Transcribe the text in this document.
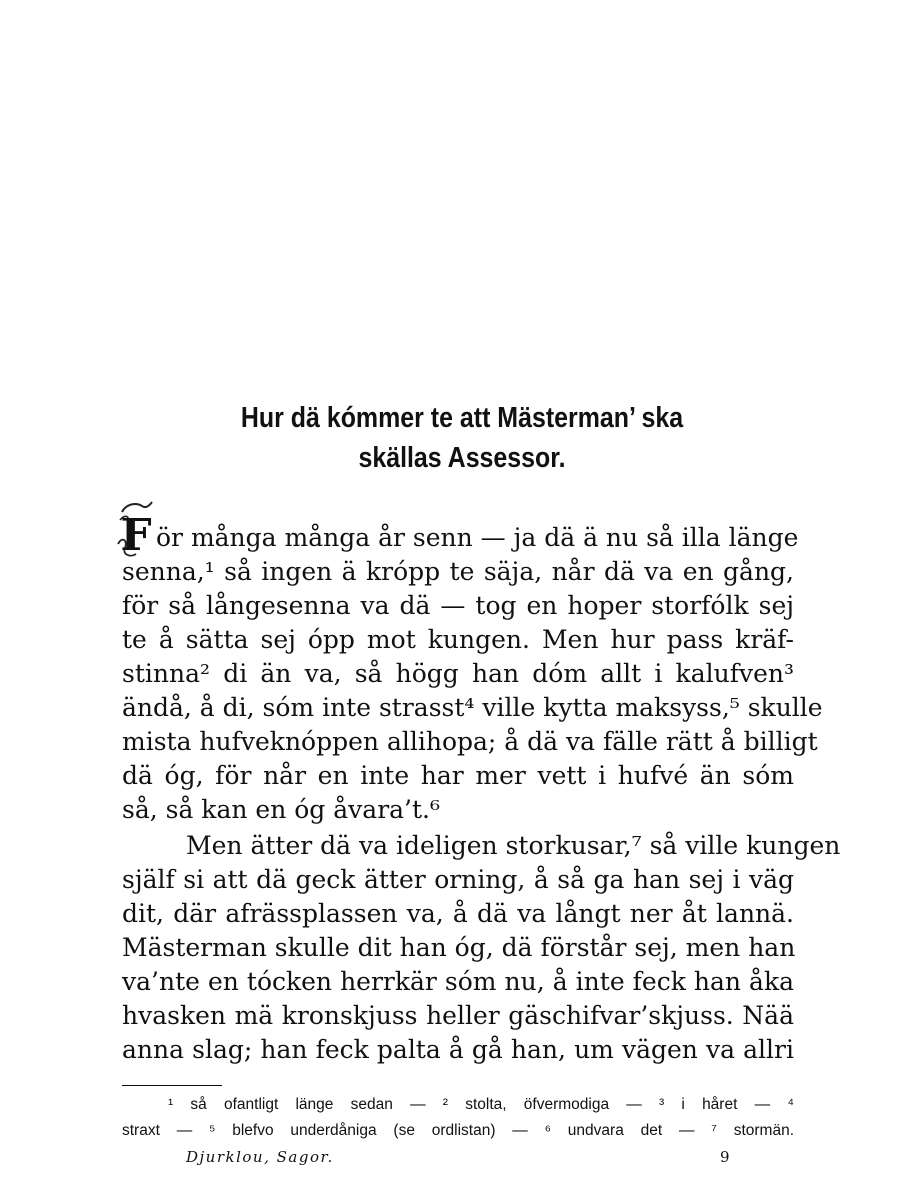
Hur dä kómmer te att Mästerman’ ska
skällas Assessor.
F ör många många år senn — ja dä ä nu så illa länge
senna,¹ så ingen ä krópp te säja, når dä va en gång,
för så långesenna va dä — tog en hoper storfólk sej
te å sätta sej ópp mot kungen. Men hur pass kräf-
stinna² di än va, så högg han dóm allt i kalufven³
ändå, å di, sóm inte strasst⁴ ville kytta maksyss,⁵ skulle
mista hufveknóppen allihopa; å dä va fälle rätt å billigt
dä óg, för når en inte har mer vett i hufvé än sóm
så, så kan en óg åvara’t.⁶
Men ätter dä va ideligen storkusar,⁷ så ville kungen
själf si att dä geck ätter orning, å så ga han sej i väg
dit, där afrässplassen va, å dä va långt ner åt lannä.
Mästerman skulle dit han óg, dä förstår sej, men han
va’nte en tócken herrkär sóm nu, å inte feck han åka
hvasken mä kronskjuss heller gäschifvar’skjuss. Nää
anna slag; han feck palta å gå han, um vägen va allri
¹ så ofantligt länge sedan — ² stolta, öfvermodiga — ³ i håret — ⁴
straxt — ⁵ blefvo underdåniga (se ordlistan) — ⁶ undvara det — ⁷ stormän.
Djurklou, Sagor.	9
